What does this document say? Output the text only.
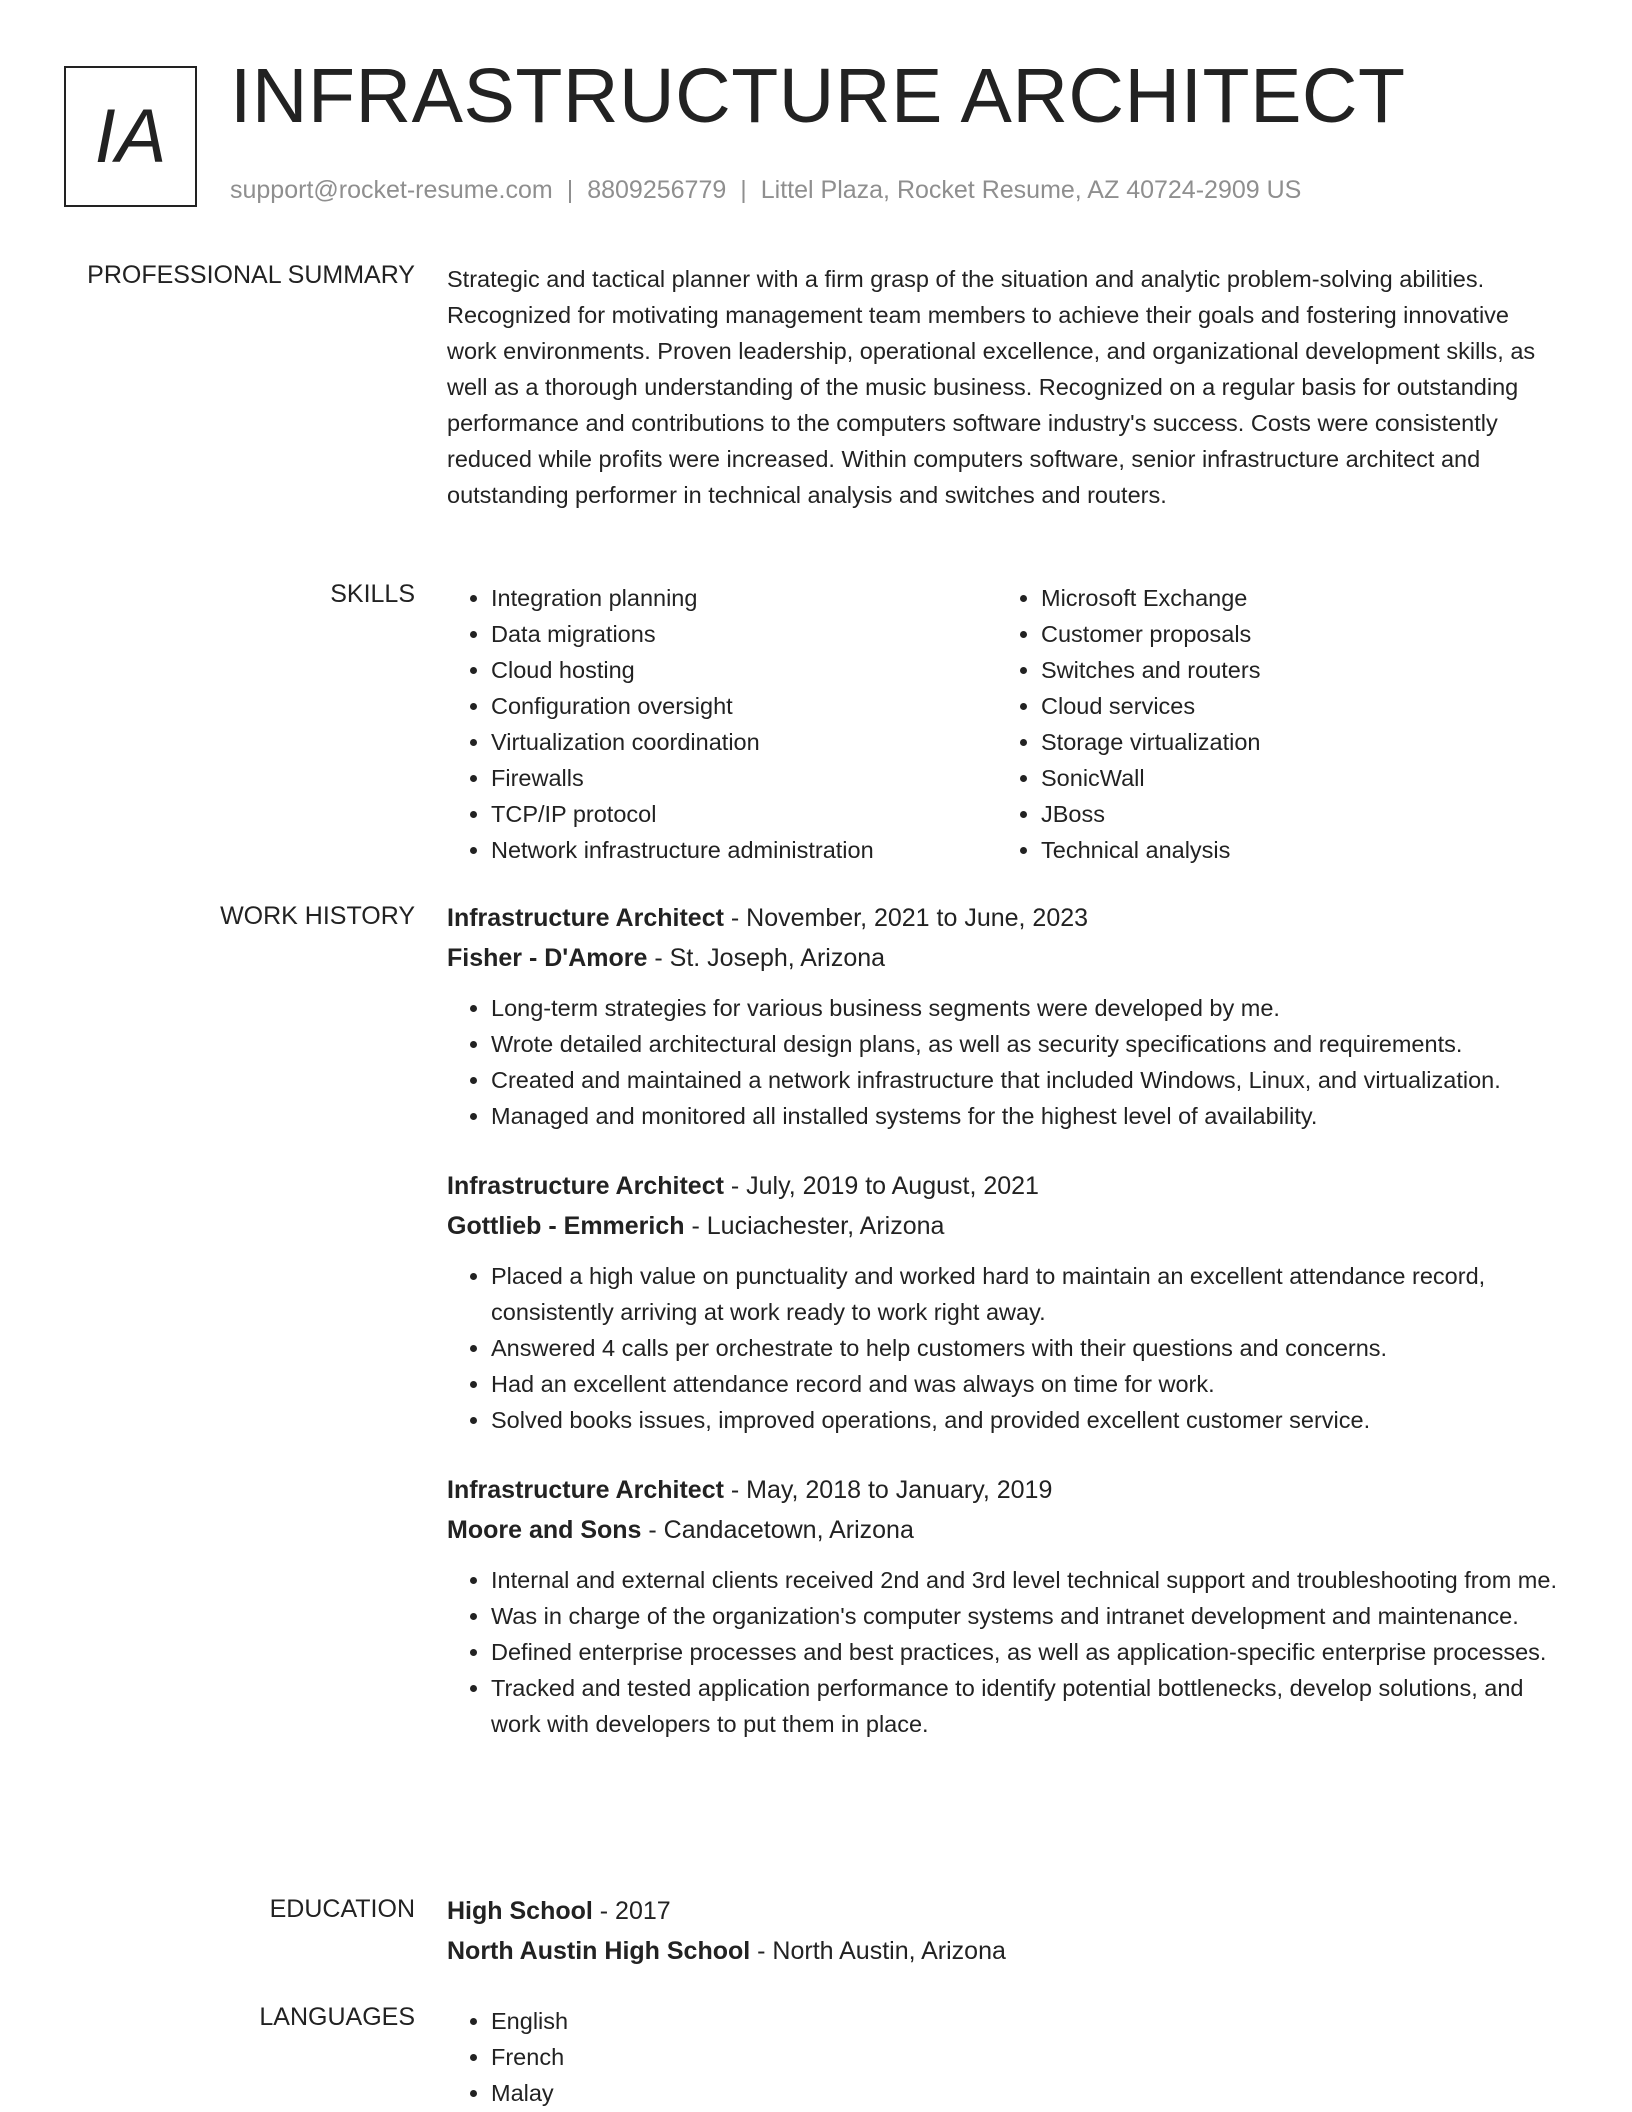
IA INFRASTRUCTURE ARCHITECT
support@rocket-resume.com | 8809256779 | Littel Plaza, Rocket Resume, AZ 40724-2909 US
PROFESSIONAL SUMMARY Strategic and tactical planner with a firm grasp of the situation and analytic problem-solving abilities. Recognized for motivating management team members to achieve their goals and fostering innovative work environments. Proven leadership, operational excellence, and organizational development skills, as well as a thorough understanding of the music business. Recognized on a regular basis for outstanding performance and contributions to the computers software industry's success. Costs were consistently reduced while profits were increased. Within computers software, senior infrastructure architect and outstanding performer in technical analysis and switches and routers.

SKILLS	• Integration planning
• Data migrations
• Cloud hosting
• Configuration oversight
• Virtualization coordination
• Firewalls
• TCP/IP protocol
• Network infrastructure administration
• Microsoft Exchange
• Customer proposals
• Switches and routers
• Cloud services
• Storage virtualization
• SonicWall
• JBoss
• Technical analysis
WORK HISTORY Infrastructure Architect - November, 2021 to June, 2023
Fisher - D'Amore - St. Joseph, Arizona
• Long-term strategies for various business segments were developed by me.
• Wrote detailed architectural design plans, as well as security specifications and requirements.
• Created and maintained a network infrastructure that included Windows, Linux, and virtualization.
• Managed and monitored all installed systems for the highest level of availability.
Infrastructure Architect - July, 2019 to August, 2021
Gottlieb - Emmerich - Luciachester, Arizona
• Placed a high value on punctuality and worked hard to maintain an excellent attendance record, consistently arriving at work ready to work right away.
• Answered 4 calls per orchestrate to help customers with their questions and concerns.
• Had an excellent attendance record and was always on time for work.
• Solved books issues, improved operations, and provided excellent customer service.
Infrastructure Architect - May, 2018 to January, 2019
Moore and Sons - Candacetown, Arizona
• Internal and external clients received 2nd and 3rd level technical support and troubleshooting from me.
• Was in charge of the organization's computer systems and intranet development and maintenance.
• Defined enterprise processes and best practices, as well as application-specific enterprise processes.
• Tracked and tested application performance to identify potential bottlenecks, develop solutions, and work with developers to put them in place.
EDUCATION High School - 2017
North Austin High School - North Austin, Arizona
LANGUAGES	• English
• French
• Malay
